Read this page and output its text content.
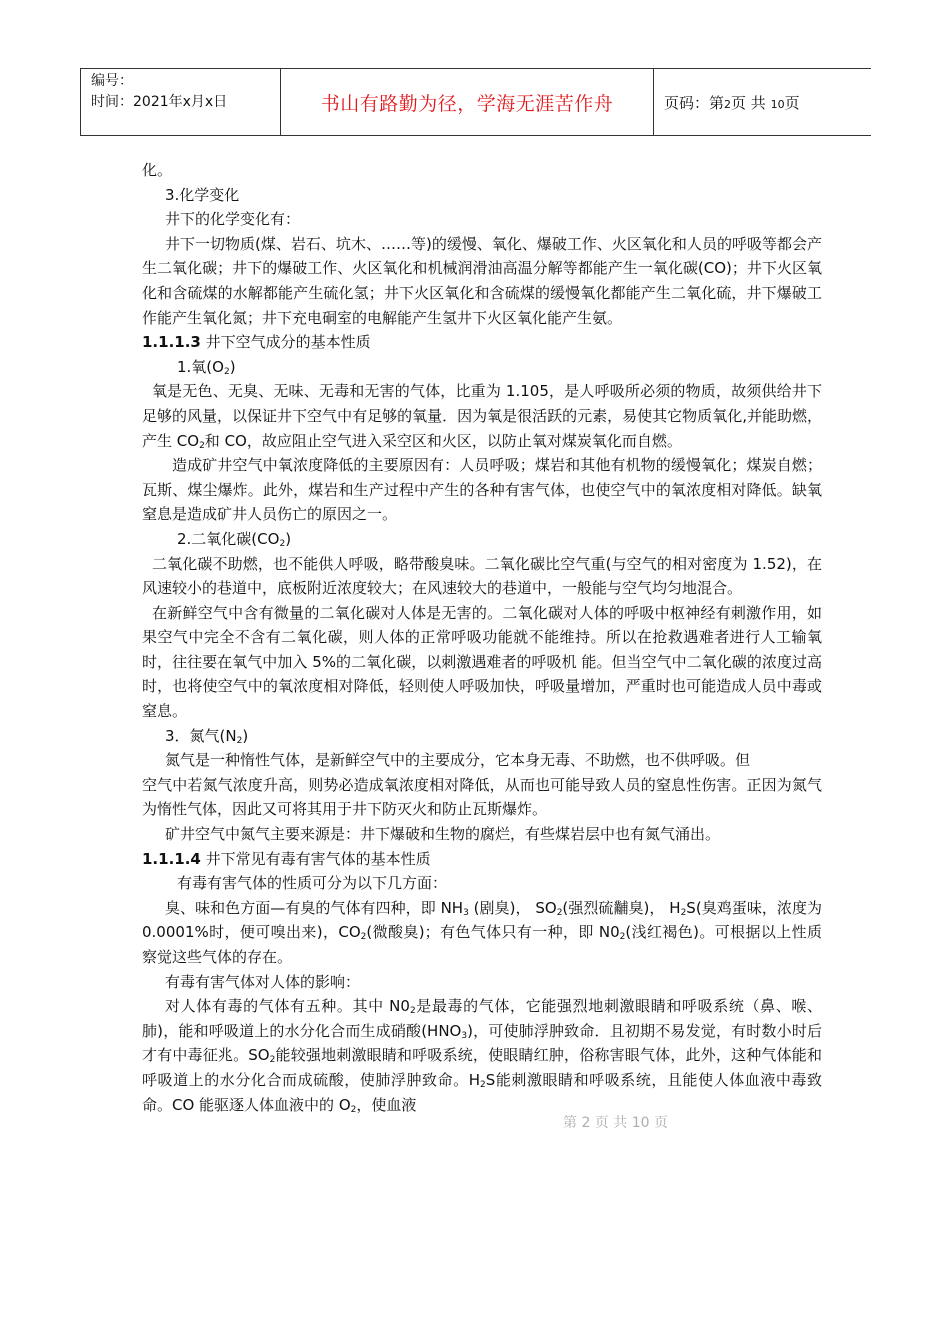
编号：
时间：2021年x月x日	书山有路勤为径，学海无涯苦作舟	页码：第2页 共 10页

化。

3.化学变化

井下的化学变化有：

井下一切物质(煤、岩石、坑木、……等)的缓慢、氧化、爆破工作、火区氧化和人员的呼吸等都会产生二氧化碳；井下的爆破工作、火区氧化和机械润滑油高温分解等都能产生一氧化碳(CO)；井下火区氧化和含硫煤的水解都能产生硫化氢；井下火区氧化和含硫煤的缓慢氧化都能产生二氧化硫，井下爆破工作能产生氧化氮；井下充电硐室的电解能产生氢井下火区氧化能产生氨。

1.1.1.3 井下空气成分的基本性质

1.氧$(O_2)$

氧是无色、无臭、无味、无毒和无害的气体，比重为 1.105，是人呼吸所必须的物质，故须供给井下足够的风量，以保证井下空气中有足够的氧量．因为氧是很活跃的元素，易使其它物质氧化,并能助燃，产生 $CO_2$和 CO，故应阻止空气进入采空区和火区，以防止氧对煤炭氧化而自燃。

造成矿井空气中氧浓度降低的主要原因有：人员呼吸；煤岩和其他有机物的缓慢氧化；煤炭自燃；瓦斯、煤尘爆炸。此外，煤岩和生产过程中产生的各种有害气体，也使空气中的氧浓度相对降低。缺氧窒息是造成矿井人员伤亡的原因之一。

2.二氧化碳$(CO_2)$

二氧化碳不助燃，也不能供人呼吸，略带酸臭味。二氧化碳比空气重(与空气的相对密度为 1.52)，在风速较小的巷道中，底板附近浓度较大；在风速较大的巷道中，一般能与空气均匀地混合。

在新鲜空气中含有微量的二氧化碳对人体是无害的。二氧化碳对人体的呼吸中枢神经有刺激作用，如果空气中完全不含有二氧化碳，则人体的正常呼吸功能就不能维持。所以在抢救遇难者进行人工输氧时，往往要在氧气中加入 5%的二氧化碳，以刺激遇难者的呼吸机 能。但当空气中二氧化碳的浓度过高时，也将使空气中的氧浓度相对降低，轻则使人呼吸加快，呼吸量增加，严重时也可能造成人员中毒或窒息。

3．氮气$(N_2)$

氮气是一种惰性气体，是新鲜空气中的主要成分，它本身无毒、不助燃，也不供呼吸。但

空气中若氮气浓度升高，则势必造成氧浓度相对降低，从而也可能导致人员的窒息性伤害。正因为氮气为惰性气体，因此又可将其用于井下防灭火和防止瓦斯爆炸。

矿井空气中氮气主要来源是：井下爆破和生物的腐烂，有些煤岩层中也有氮气涌出。

1.1.1.4 井下常见有毒有害气体的基本性质

有毒有害气体的性质可分为以下几方面：

臭、味和色方面—有臭的气体有四种，即 $NH_3$ (剧臭)， $SO_2$(强烈硫黼臭)， $H_2S$(臭鸡蛋味，浓度为 0.0001%时，便可嗅出来)，$CO_2$(微酸臭)；有色气体只有一种，即 $N0_2$(浅红褐色)。可根据以上性质察觉这些气体的存在。

有毒有害气体对人体的影响：

对人体有毒的气体有五种。其中 $N0_2$是最毒的气体，它能强烈地刺激眼睛和呼吸系统（鼻、喉、肺)，能和呼吸道上的水分化合而生成硝酸$(HNO_3)$，可使肺浮肿致命．且初期不易发觉，有时数小时后才有中毒征兆。$SO_2$能较强地刺激眼睛和呼吸系统，使眼睛红肿，俗称害眼气体，此外，这种气体能和呼吸道上的水分化合而成硫酸，使肺浮肿致命。$H_2S$能刺激眼睛和呼吸系统，且能使人体血液中毒致命。CO 能驱逐人体血液中的 $O_2$，使血液

第 2 页 共 10 页
